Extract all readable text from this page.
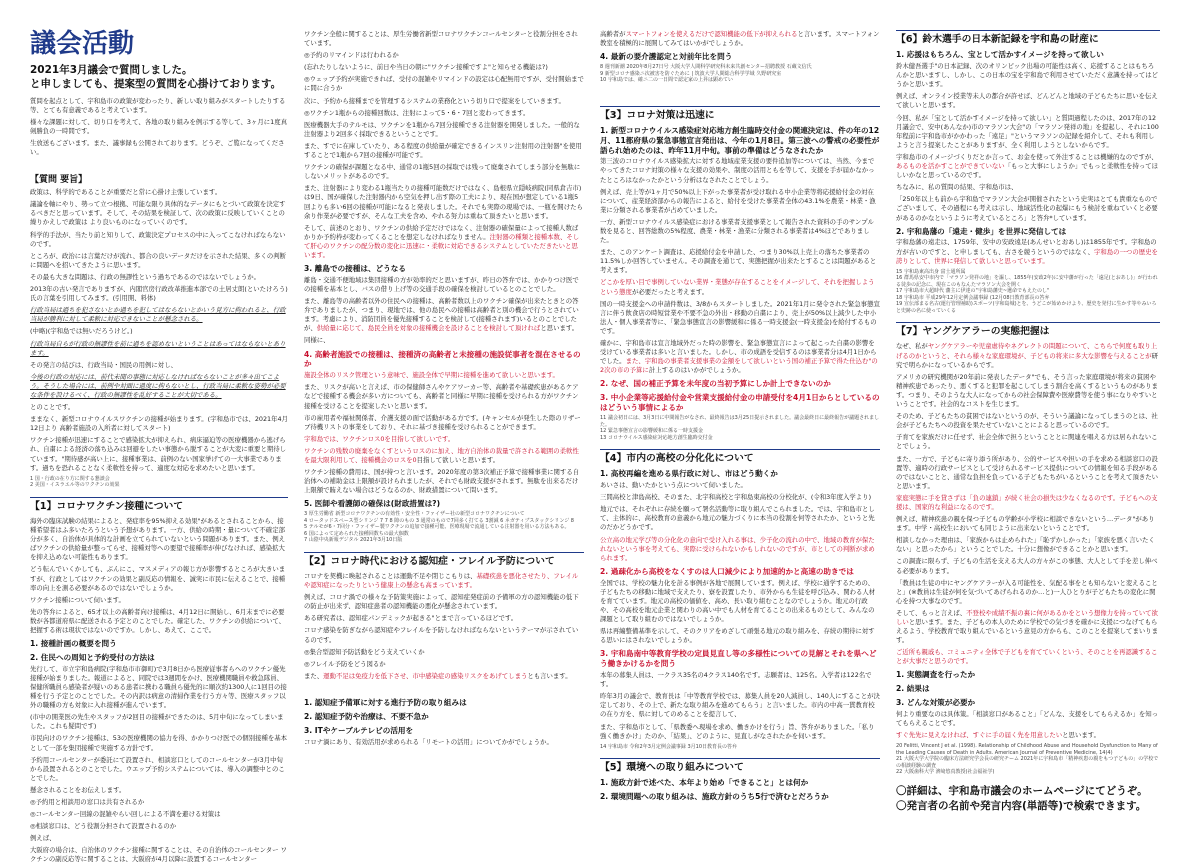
議会活動
2021年3月議会で質問しました。
と申しましても、提案型の質問を心掛けております。

質問を起点として、宇和島市の政策が変わったり、新しい取り組みがスタートしたりする等、とても有意義であると考えています。

様々な課題に対して、切り口を考えて、各地の取り組みを例示する等して、3ヶ月に1度真剣勝負の一時間です。

生放送もございます。また、議事録も公開されております。どうぞ、ご覧になってください。

【質問 要旨】

政策は、科学的であることが重要だと常に心掛け主張しています。

議論を軸にやり、勢って立つ根拠、可能な限り具体的なデータにもとづいて政策を決定するべきだと思っています。そして、その結果を検証して、次の政策に反映していくことの繰りかえしで政策は より良いものになっていくのです。

科学的手法が、当たり前と知りして、政策決定プロセスの中に入ってこなければならないのです。

ところが、政治には言葉だけが流れ、都合の良いデータだけを示された結果、多くの判断に問題へを招いてきたように思います。

その最も大きな問題は、行政の無謬性という過ちであるのではないでしょうか。

2013年の古い発言でありますが、内閣官房行政改革推進本部での土居丈朗(といたけろう)氏の言葉を引用してみます。(引用開、料体)

行政当局は過ちを犯さないとか過ちを犯してはならないとかいう見方に拘われると、行政当局が勝利に対して柔軟に対応できないことが懸念される。

(中略)(宇和島では無いだろうけど。)

行政当局自らが行政の無謬性を前に過ちを認めないということはあってはならないとあります。

その発言の結びは、行政当局・国民の用例に対し、

今後の行政の対応には、前代未聞の事態に対応しなければならないことが多々出てこよう。そうした場合には、前例や対面に過度に拘らないとし、行政当局に柔軟な姿勢が必要な条件を設けるべく、行政の無謬性を乱好することが大切である。

とのことです。

ままなく、新型コロナウイルスワクチンの接種が始まります。(宇和島市では、2021年4月12日より 高齢者施設の入所者に対してスタート)

ワクチン接種が迅速にすることで感染拡大が抑えられ、病床逼迫等の医療機器から逃げられ、自粛による経済の落ち込みは回避をしたい事態から脱することが大変に重要と期待しています。"期待感が高い上に、接種事業は、前例のない国家挙げての一大事業であります。過ちを恐れることなく柔軟性を持って、適度な対応を求めたいと思います。

1 国・行政の在り方に関する懇談会
2 美国・イスラエル等のワクチンの効果
【1】コロナワクチン接種について

海外の臨床試験の結果によると、発症率を95%抑える効果"があるとされることから、接種希望者はふ多いたろうという予想があります。一方、供給の時期・量について不確定部分が多く、自治体が具体的な計画を立てられていないという問題があります。また、例えばワクチンの供給量が整ってらせ、接種対等への要望で接種率が伸びなければ、感染拡大を抑え込めない可能性もあります。

どう転んでいくかしても、ぶんにこ、マスメディアの報じ方が影響するところが大きいますが、行政としてはワクチンの効果と副反応の情報を、誠実に市民に伝えることで、接種率の向上を測る必要があるのではないでしょうか。

ワクチン接種について伺います。

先の答弁によると、65才以上の高齢者向け接種は、4月12日に開始し、6月末までに必要数が各都道府県に配送される予定とのことでした。確定した、ワクチンの供給について、把握する術は現状ではないのですか。しかし、あえて、ここで。

1. 接種計画の概要を問う
2. 住民への周知と予約受付の方法は

先行して、市立宇和島病院(宇和島市市御町)で3月8日から医療従事者らへのワクチン優先接種が始まりました。報道によると、同院では3週間をかけ、医療機関職員や救急隊員、保健所職員ら感染者が疑いのある患者に携わる職員ら優先的に順次約1300人に1回目の接種を行う予定とのことでした。その内訳は病意の清掃作業を行う方々等、医療スタッフ以外の職種の方も対象に入れ接種が進んでいます。

(市中の開業医の先生やスタッフが2回目の接種ができたのは、5月中旬になってしまいました。これも疑問です)

市民向けのワクチン接種は、53の医療機関の協力を得、かかりつけ医での個別接種を基本として一部を集団接種で実施する方針です。

予約用コールセンターが委託にて設置され、相談窓口としてのコールセンターが3月中旬から設置されるとのことでした。ウエップ予約システムについては、導入の調整中とのことでした。

懸念されることをお伝えします。

◎予約用と相談用の窓口は共有されるか

◎コールセンター回線の混雑やらい回しによる不満を避ける対策は

◎相談窓口は、どう役割分担されて設置されるのか

例えば、

大阪府の場合は、自治体のワクチン接種に関することは、その自治体のコールセンター ワクチンの副反応等に関することは、大阪府が4月以降に設置するコールセンター

ワクチン全般に関することは、厚生労働省新型コロナワクチンコールセンターと役割分担をされています。

◎予約のリマインドは行われるか

(忘れたりしないように、前日や当日の朝に"ワクチン接種ですよ"と知らせる機能は?)

◎ウェッブ予約が実施できれば、受付の混雑やリマインドの設定は心配無用ですが、受付開始までに間に合うか

次に、予約から接種までを管理するシステムの業務化という切り口で提案をしていきます。

◎ワクチン1瓶からの接種回数は、注射によって5・6・7回と変わってきます。

医療機器大手のテルモは、ワクチンを1瓶から7回分接種できる注射器を開発しました。一般的な注射器より2回多く採取できるということです。

また、すでに在庫していたり、ある程度の供給量が確定できるインスリン注射用の注射器"を使用することで1瓶から7回の接種が可能です。

ワクチンの確保が課題となる中、通常の1瓶5回の採取では残って廃棄されてしまう部分を無駄にしないメリットがあるのです。

また、注射器により変わる1瓶当たりの接種可能数だけではなく、島根県立隠岐病院(同県倉吉市)は9日、国が確保した注射器内から空気を押し出す際の工夫により、現在国が想定している1瓶5回よりも多い6回の接種が可能になると発表しました。それでも実際の現場では、一瓶を開けたら余り作業が必要ですが、そんな工夫を含め、やれる努力は重ねて頂きたいと思います。

そして、前述のとおり、ワクチンの供給予定だけではなく、注射器の確保量によって接種人数ばかりか予約枠が変わってくることを想定しなければなりません。注射器の種類と接種本数、そして肝心のワクチンの配分数の変化に迅速に・柔軟に対応できるシステムとしていただきたいと思います。

3. 離島での接種は、どうなる

離島・交通不便地域は集団接種の方が効率的だと思いますが、昨日の答弁では、かかりつけ医での接種を基本とし、バスの借り上げ等の交通手段の確保を検討しているとのことでした。

また、離島等の高齢者以外の住民への接種は、高齢者数以上のワクチン確保が出来たときとの答弁でありましたが、つまり、現地では、他の島民への接種は高齢者と別の機会で行うとされています。考慮により、消防団員を優先接種することを検討して(接種されます)いるとのことでしたが、供給量に応じて、島民全員を対象の接種機会を設けることを検討して頂ければと思います。

同様に、

4. 高齢者施設での接種は、接種済の高齢者と未接種の施設従事者を混在させるのか

施設全体のリスク管理という意味で、施設全体で早期に接種を進めて欲しいと思います。

また、リスクが高いと言えば、市の保健師さんやケアワーカー等、高齢者や基礎疾患があるケアなどで接種する機会が多い方についても、高齢者と同様に早期に接種を受けられる方がワクチン接種を受けることを提案したいと思います。

市の雇用者や福祉関係者、介護支援の面で活動がある方です。(キャンセルが発生した際のリザーブ待機リストの事業をしており、それに基づき接種を受けられることができます。

宇和島では、ワクチンロス0を目指して欲しいです。

ワクチンの残数の廃棄をなくすというロスのに加え、地方自治体の裁量で許される範囲の柔軟性を最大限利用して、接種機会のロスを0目指して欲しいと思います。

ワクチン接種の費用は、国が持つと言います。2020年度の第3次補正予算で接種事業に関する自治体への補助金は上限額が設けられましたが、それでも財政支援がされます。無駄を出来るだけ上限額で賄えない場合はどうなるのか、財政措置について問います。

5. 医師や看護師の確保は(財政措置は?)
3 厚生労働省 新型コロナワクチンの有効性・安全性・ファイザー社の新型コロナワクチンについて
4 ロータッドスペース型シリンジ 7 7 8 隙のもの 3 通常のもので7回多く打てる 3割減 6 ネガティブスタックシリンジ 8
5 テルモが6・7回分・ファイザー製ワクチンの追加で接種可能、医療現場で流通している注射器を用いる方法もある。
6 国によって定められた接種回数ちの最大個数
7 山陰中央新報デジタル 2021年3月10日版
【2】コロナ時代における認知症・フレイル予防について

コロナを契機に喚起されることは運動不足や閉じこもりは、基礎疾患を悪化させたり、フレイルや認知症になったりという健康上の懸念も高まっています。

例えば、コロナ渦での様々な予防策実施によって、認知症発症前の予備軍の方の認知機能の低下の防止が出来ず、認知症患者の認知機能の悪化が懸念されています。

ある研究者は、認知症パンデミックが起きる"とまで言っているほどです。

コロナ感染を防ぎながら認知症やフレイルを予防しなければならないというテーマが示されているのです。

◎集合型認知予防活動をどう支えていくか

◎フレイル予防をどう図るか

また、運動不足は免疫力を低下させ、市中感染症の感染リスクをあげてしまうとも言います。

1. 認知症予備軍に対する進行予防の取り組みは
2. 認知症予防や治療は、不要不急か
3. ITやケーブルテレビの活用を

コロナ渦にあり、有効活用が求められる「リモートの活用」についてかがでしょうか。

高齢者がスマートフォンを使えるだけで認知機能の低下が抑えられると言います。スマートフォン教室を積極的に展開してみてはいかがでしょうか。

4. 最新の要介護認定と対前年比を問う
8 週刊新潮 2020年8月27日号 大阪大学人間科学研究科未来共創センター招聘教授 石蔵文信氏
9 新型コロナ感染ニ次被害を防ぐために | 筑波大学人間総合科学学域 久野研究室
10 宇和島では、確ニ二の一日間で認定家の上昇は顕めてい
【3】コロナ対策は迅速に
1. 新型コロナウイルス感染症対応地方創生臨時交付金の関連決定は、件の年の12月、11都府県の緊急事態宣言発出は、今年の1月8日。第三波への警戒の必要性が語られ始めたのは、昨年11月中旬。事前の準備はどうなされたか

第三波のコロナウイルス感染拡大に対する地域産業支援の要件追加等については、当然、今までやってきたコロナ対策の様々な支援の効果や、制度の活用ともを等して、支援を手が届かなかったところはなかったかという分析はなされたことでしょう。

例えば、売上等が1ヶ月で50%以上下がった事業者が受け取れる中小企業等将応援給付金の対在について、産業経済部からの報告によると、給付を受けた事業者全体の43.1%を農業・林業・漁業に分類される事業者が占めていました。

一方、新型コロナウイルス感染症における事業者支援事業として報告された資料の手のサンプル数を見ると、回答総数の5%程度、農業・林業・漁業に分類される事業者は4%ほどでありました。

また、このアンケート調査は、応援給付金を申請した、つまり30%以上売上の落ちた事業者の11.5%しか回答していません。その調査を通じて、実態把握が出来たとすることは問題があると考えます。

どこかを厚い目で事例していない業界・業態が存在することをイメージして、それを把握しようという態度が必要だったと考えます。

国の一時支援金への申請件数は、3/8からスタートしました。2021年1月に発令された緊急事態宣言に伴う飲食店の時短営業や不要不急の外出・移動の自粛により、売上が50%以上減少した中小法人・個人事業者等に、「緊急事態宣言の影響緩和に係る一時支援金(一時支援金)を給付するものです。

確かに、宇和島市は宣言地域外だった時の影響を、緊急事態宣言によって起こった自粛の影響を受けている事業者は多いと言いました。しかし、市の成語を受信するのは事業者分は4月1日からでした。また、宇和島の事業者支援事業の金額をして欲しいという国の補正予算で得た仕込む"の2次の市の予算に計上するのはいかがでしょうか。

2. なぜ、国の補正予算を未年度の当初予算にしか計上できないのか
3. 中小企業等応援給付金や営業支援給付金の申請受付を4月1日からとしているのはどういう事情によるか
11 議会初日には、3月3日に中間報告がなされ、最終報告は3月25日提示されました。議会最終日に最終報告が議題されました。
12 緊急事態宣言の影響緩和に係る一時支援金
13 コロナウイルス感染症対応地方創生臨時交付金
【4】市内の高校の分化化について
1. 高校再編を進める県行政に対し、市はどう動くか

あいさは、動いたかという点について伺いました。

三間高校と津島高校、そのまた、北宇和高校と宇和島東高校の分校化が、(令和3年度入学より)

地元では、それぞれに存続を願って署名活動等に取り組んでこられました。では、宇和島市として、主体的に、高校教育の意義から地元の魅力づくりに本当の役割を何等されたか、というと先のだかどうかです。

公立高の地元学び等の分化化の意向で受け入れる事は、少子化の流れの中で、地域の教育が保たれないという事を考えても、実際に受けられないかもしれないのですが、市としての判断が求められます。

2. 過疎化から高校をなくすのは人口減少により加速的かと高速の助きでは

全国では、学校の魅力化を計る事例が各地で展開しています。例えば、学校に通学するための、子どもたちの移動に地域で支えたり、寮を設置したり、市外からも生徒を呼び込み、関わる人材を育てています。地元の高校の価値を、高め、長い取り組むことなのでしょうか。地元の行政や、その高校を地元企業と関わりの高い中でも人材を育てることの出来るものとして、みんなの課題として取り組むのではないでしょうか。

県は再編整備基準を示して、そのクリアをめざして頑張る地元の取り組みを、存続の期待に対する思いにはされないでしょうか。

3. 宇和島南中等教育学校の定員見直し等の多様性についての見解とそれを県へどう働きかけるかを問う

本年の募集人員は、一クラス35名の4クラス140名です。志願者は、125名。入学者は122名です。

昨年3月の議会で、教育長は「中等教育学校では、募集人員を20人減員し、140人にすることが決定しており、その上で、新たな取り組みを進めてもらう」と言いました。市内の中高一貫教育校の在り方を、県に対してのめることを提言して、

また、宇和島市として、「県教委へ現場を求め、働きかけを行う」旨、答弁がありました。「私り強く働きかけ」たのか、「結果」、どのように、見直しがなされたかを伺います。

14 宇和島市 令和2年3月定例会議事録 3月10日教育長の答弁
【5】環境への取り組みについて
1. 施政方針で述べた、本年より始め「できること」とは何か
2. 環境問題への取り組みは、施政方針のうち5行で済むとだろうか
【6】鈴木選手の日本新記録を宇和島の財産に
1. 応援はもちろん、宝として活かすイメージを持って欲しい

鈴木健吾選手"の日本記録、次のオリンピック出場の可能性は高く、応援することはもちろんかと思いますし、しかし、この日本の宝を宇和島で利用させていただく意識を持ってはどうかと思います。

例えば、オンライン授業等未人の都合が許せば、どんどんと地域の子どもたちに思いを伝えて欲しいと思います。

今回、私が「宝として活かすイメージを持って欲しい」と質問過程したのは、2017年の12月議会で、安中(あんなか)市のマラソン大会"の「マラソン発祥の地」を提起し、それに100年程前に宇和島市がかかわった「遠足」"というマラソンの記録を紹介して、それも利用しようと言う提案したことがありますが、全く利用しようとしないからです。

宇和島市のイメージづくりだとか言って、お金を使って外注することは機嫌的なのですが、あるものを活かすことができていない「もっと大事にしようか」でもっと柔軟性を持ってほしいかなと思っているのです。

ちなみに、私の質問の結果、宇和島市は、

「250年以上も前から宇和島でマラソン大会が開催されたという史実はとても貴重なものでございまして、その過程にも考えは示し、地域活性化の起爆にもう検討を重ねていくと必要があるのかなというように考えているところ」と答弁*しています。

2. 宇和島藩の「遠走・健歩」を世界に発信しては

宇和島藩の遠走は、1759年、安中の安政遠足(あんせいとおあし)は1855年です。宇和島の方が古いのですと、と申しましても、古さを競うというのではなく、宇和島の一つの歴史を誇りとして、世界に発信して欲しいと思っています。

15 宇和島東高出身 富士通所属
16 群馬県安中市内で「マラソン発祥の地」を謳し、1855年(安政2年)に安中藩が行った「遠足(とおあし)」が行われる徒歩の記念に、現在このもなんたマラソン大会を開く
17 宇和島市大超時代 藩主に伊達の"宇和島藩史~遺命でもえたのし"
18 宇和島市 平成29年12月定例会議事録 (12月08日教育部長の答弁
19 宣伝部まる名古(運行管理補助)スポーツ(宇和島城)とを、うどこが始めかけより、歴史を発付に生かす等やみいろと史跡の名に使っていくる
【7】ヤングケアラーの実態把握は

なぜ、私がヤングケアラーや児童虐待やネグレクトの問題について、こちらで何度も取り上げるのかというと、それら様々な家庭環境が、子どもの将来に多大な影響を与えることが研究で明らかになっているからです。

アメリカの研究機関が20年前に発表したデータ"でも、そう言った家庭環境が将来の貧困や精神疾患であったり、悪くすると犯罪を起こしてしまう割合を高くするというものがあります。つまり、そのような大人になってからの社会保障費や医療費等を使う事になりやすいということです。社会的なコストを生じます。

そのため、子どもたちの貧困ではないというのが、そういう議論になってしまうのとは、社会が子どもたちへの投資を果たせていないことによると思っているのです。

子育てを家族だけに任せず、社会全体で担うということとに関連を唱える方は居られないことでしょう。

また、一方で、子どもに寄り添う所があり、公的サービスや担いの手を求める相談窓口の設置等、適時の行政サービスとして受けられるサービス提供についての情報を知る手段があるのではないことと、通常な負担を負っている子どもたちがいるということを考えて頂きたいと思います。

家庭実態に手を貸さずは「負の連鎖」が続く社会の損失は少なくなるのです。子どもへの支援は、国家的な利益になるのです。

例えば、精神疾患の親を保つ子どもの学齢が小学校に相談できないという…データ"があります。中学・高校生においても同じように出来ないということです。

相談しなかった理由は、「家族からは止められた」「恥ずかしかった」「家族を悪く言いたくない」と思ったから」ということでした。十分に想像ができることかと思います。

この調査に限らず、子どもの生活を支える大人の方々がこの事態、大人として手を差し伸べる必要があります。

「教員は生徒の中にヤングケアラーが入る可能性を、気配る事をとも知らないと変えることと」(※教員は生徒が何を気づいてあげられるのか…と)一人ひとりが子どもたちの変化に関心を持つ大事なのです。

そして、もっと言えば、不登校や成績不振の裏に何があるかをという想像力を持っていて欲しいと思います。また、子どもの本人のために学校での気づきを確かに支援につなげてもらえるよう、学校教育で取り組んでいるという意見の方からも、このことを提案してまいります。

ご近所も親戚も、コミュニティ全体で子どもを育てていくという、そのことを再認識することが大事だと思うのです。

1. 実態調査を行ったか
2. 結果は
3. どんな対策が必要か

何より重要なのは具体策。「相談窓口があること」「どんな、支援をしてもらえるか」を知ってもらえることです。

すぐ先先に見えなければ、すぐに手の届く先を用意したいと思います。

20 Felitti, Vincent J et al. (1998). Relationship of Childhood Abuse and Household Dysfunction to Many of the Leading Causes of Death in Adults. American Journal of Preventive Medicine, 14(4)
21 大阪大学大学院の臨床方法研究学会長の研究チーム 2021年に宇和島市「精神疾患の親をもつ子どもの」の学校での相談経験の調査
22 大阪歯科大学 濱﨑悠真教授(社会福祉学)
〇詳細は、宇和島市議会のホームページにてどうぞ。
〇発言者の名前や発言内容(単語等)で検索できます。
